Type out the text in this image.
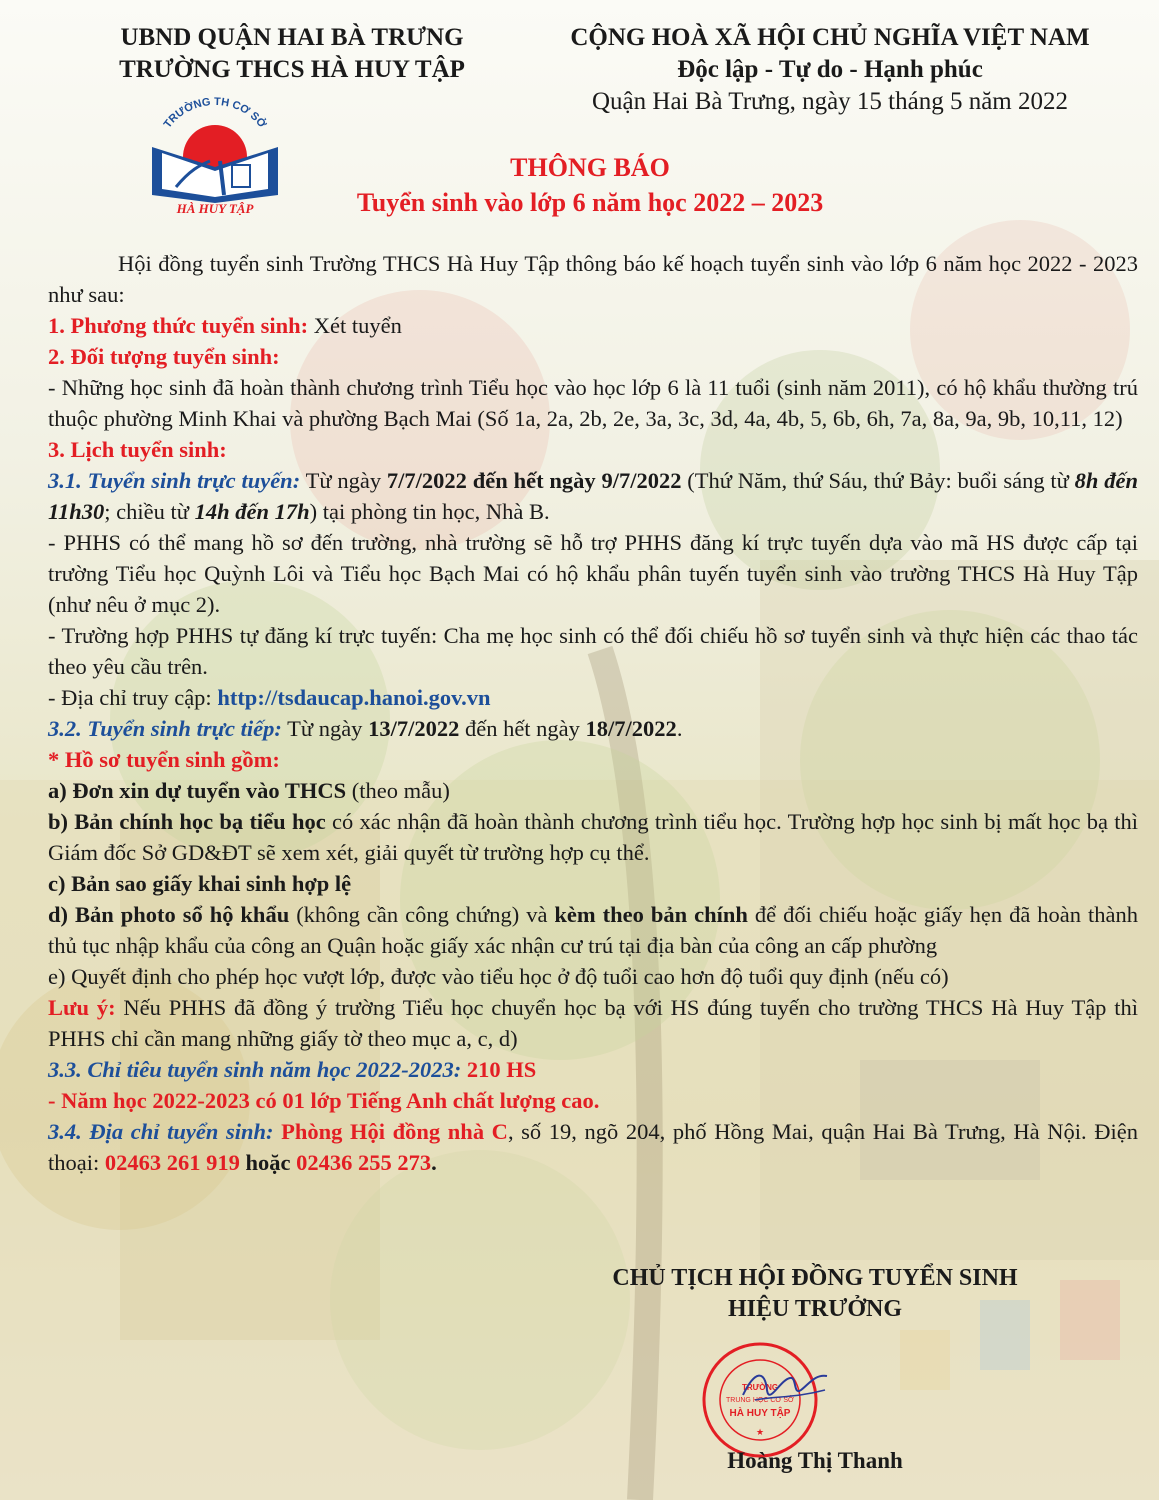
UBND QUẬN HAI BÀ TRƯNG
TRƯỜNG THCS HÀ HUY TẬP
TRƯỜNG TH CƠ SỞ
HÀ HUY TẬP
CỘNG HOÀ XÃ HỘI CHỦ NGHĨA VIỆT NAM
Độc lập - Tự do - Hạnh phúc
Quận Hai Bà Trưng, ngày 15 tháng 5 năm 2022
THÔNG BÁO
Tuyển sinh vào lớp 6 năm học 2022 – 2023

Hội đồng tuyển sinh Trường THCS Hà Huy Tập thông báo kế hoạch tuyển sinh vào lớp 6 năm học 2022 - 2023 như sau:

1. Phương thức tuyển sinh: Xét tuyển

2. Đối tượng tuyển sinh:

- Những học sinh đã hoàn thành chương trình Tiểu học vào học lớp 6 là 11 tuổi (sinh năm 2011), có hộ khẩu thường trú thuộc phường Minh Khai và phường Bạch Mai (Số 1a, 2a, 2b, 2e, 3a, 3c, 3d, 4a, 4b, 5, 6b, 6h, 7a, 8a, 9a, 9b, 10,11, 12)

3. Lịch tuyển sinh:

3.1. Tuyển sinh trực tuyến: Từ ngày 7/7/2022 đến hết ngày 9/7/2022 (Thứ Năm, thứ Sáu, thứ Bảy: buổi sáng từ 8h đến 11h30; chiều từ 14h đến 17h) tại phòng tin học, Nhà B.

- PHHS có thể mang hồ sơ đến trường, nhà trường sẽ hỗ trợ PHHS đăng kí trực tuyến dựa vào mã HS được cấp tại trường Tiểu học Quỳnh Lôi và Tiểu học Bạch Mai có hộ khẩu phân tuyến tuyển sinh vào trường THCS Hà Huy Tập (như nêu ở mục 2).

- Trường hợp PHHS tự đăng kí trực tuyến: Cha mẹ học sinh có thể đối chiếu hồ sơ tuyển sinh và thực hiện các thao tác theo yêu cầu trên.

- Địa chỉ truy cập: http://tsdaucap.hanoi.gov.vn

3.2. Tuyển sinh trực tiếp: Từ ngày 13/7/2022 đến hết ngày 18/7/2022.

* Hồ sơ tuyển sinh gồm:

a) Đơn xin dự tuyển vào THCS (theo mẫu)

b) Bản chính học bạ tiểu học có xác nhận đã hoàn thành chương trình tiểu học. Trường hợp học sinh bị mất học bạ thì Giám đốc Sở GD&ĐT sẽ xem xét, giải quyết từ trường hợp cụ thể.

c) Bản sao giấy khai sinh hợp lệ

d) Bản photo sổ hộ khẩu (không cần công chứng) và kèm theo bản chính để đối chiếu hoặc giấy hẹn đã hoàn thành thủ tục nhập khẩu của công an Quận hoặc giấy xác nhận cư trú tại địa bàn của công an cấp phường

e) Quyết định cho phép học vượt lớp, được vào tiểu học ở độ tuổi cao hơn độ tuổi quy định (nếu có)

Lưu ý: Nếu PHHS đã đồng ý trường Tiểu học chuyển học bạ với HS đúng tuyến cho trường THCS Hà Huy Tập thì PHHS chỉ cần mang những giấy tờ theo mục a, c, d)

3.3. Chỉ tiêu tuyển sinh năm học 2022-2023: 210 HS

- Năm học 2022-2023 có 01 lớp Tiếng Anh chất lượng cao.

3.4. Địa chỉ tuyển sinh: Phòng Hội đồng nhà C, số 19, ngõ 204, phố Hồng Mai, quận Hai Bà Trưng, Hà Nội. Điện thoại: 02463 261 919 hoặc 02436 255 273.

CHỦ TỊCH HỘI ĐỒNG TUYỂN SINH
HIỆU TRƯỞNG
TRƯỜNG
TRUNG HỌC CƠ SỞ
HÀ HUY TẬP
★
Hoàng Thị Thanh
